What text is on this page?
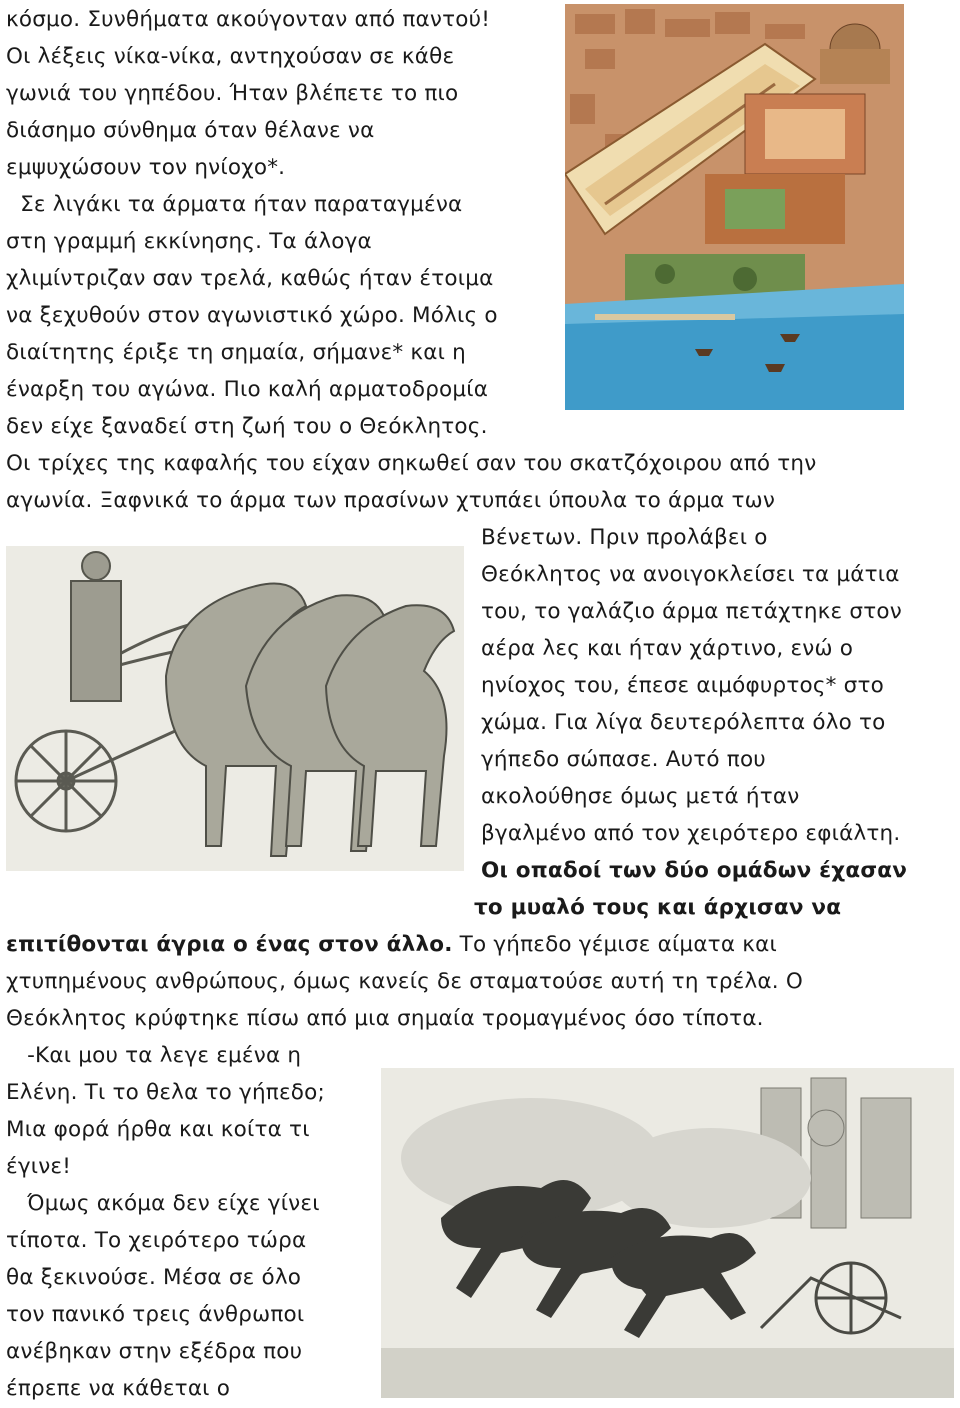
κόσμο. Συνθήματα ακούγονταν από παντού!
Οι λέξεις νίκα-νίκα, αντηχούσαν σε κάθε
γωνιά του γηπέδου. Ήταν βλέπετε το πιο
διάσημο σύνθημα όταν θέλανε να
εμψυχώσουν τον ηνίοχο*.
Σε λιγάκι τα άρματα ήταν παραταγμένα
στη γραμμή εκκίνησης. Τα άλογα
χλιμίντριζαν σαν τρελά, καθώς ήταν έτοιμα
να ξεχυθούν στον αγωνιστικό χώρο. Μόλις ο
διαίτητης έριξε τη σημαία, σήμανε* και η
έναρξη του αγώνα. Πιο καλή αρματοδρομία
δεν είχε ξαναδεί στη ζωή του ο Θεόκλητος.
Οι τρίχες της καφαλής του είχαν σηκωθεί σαν του σκατζόχοιρου από την
αγωνία. Ξαφνικά το άρμα των πρασίνων χτυπάει ύπουλα το άρμα των
Βένετων. Πριν προλάβει ο
Θεόκλητος να ανοιγοκλείσει τα μάτια
του, το γαλάζιο άρμα πετάχτηκε στον
αέρα λες και ήταν χάρτινο, ενώ ο
ηνίοχος του, έπεσε αιμόφυρτος* στο
χώμα. Για λίγα δευτερόλεπτα όλο το
γήπεδο σώπασε. Αυτό που
ακολούθησε όμως μετά ήταν
βγαλμένο από τον χειρότερο εφιάλτη.
Οι οπαδοί των δύο ομάδων έχασαν
το μυαλό τους και άρχισαν να
επιτίθονται άγρια ο ένας στον άλλο. Το γήπεδο γέμισε αίματα και
χτυπημένους ανθρώπους, όμως κανείς δε σταματούσε αυτή τη τρέλα. Ο
Θεόκλητος κρύφτηκε πίσω από μια σημαία τρομαγμένος όσο τίποτα.
-Και μου τα λεγε εμένα η
Ελένη. Τι το θελα το γήπεδο;
Μια φορά ήρθα και κοίτα τι
έγινε!
Όμως ακόμα δεν είχε γίνει
τίποτα. Το χειρότερο τώρα
θα ξεκινούσε. Μέσα σε όλο
τον πανικό τρεις άνθρωποι
ανέβηκαν στην εξέδρα που
έπρεπε να κάθεται ο
